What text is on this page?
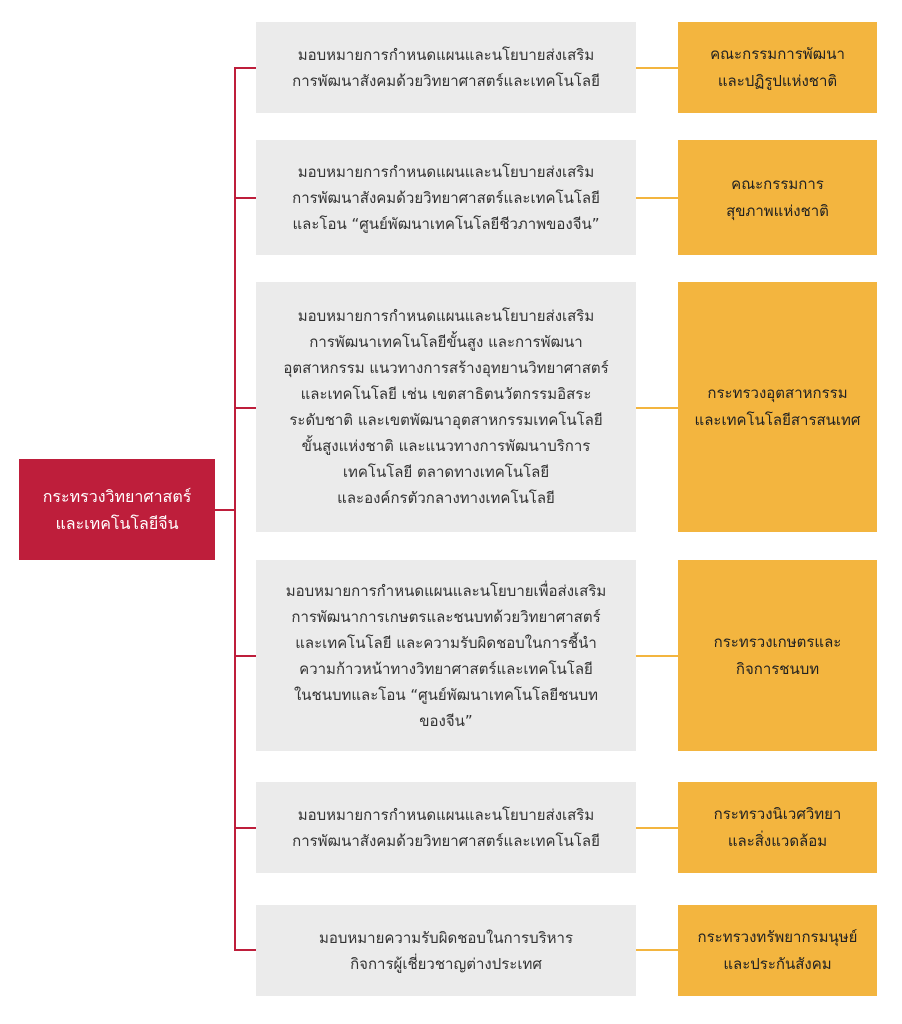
กระทรวงวิทยาศาสตร์
และเทคโนโลยีจีน
มอบหมายการกำหนดแผนและนโยบายส่งเสริม
การพัฒนาสังคมด้วยวิทยาศาสตร์และเทคโนโลยี
คณะกรรมการพัฒนา
และปฏิรูปแห่งชาติ
มอบหมายการกำหนดแผนและนโยบายส่งเสริม
การพัฒนาสังคมด้วยวิทยาศาสตร์และเทคโนโลยี
และโอน “ศูนย์พัฒนาเทคโนโลยีชีวภาพของจีน”
คณะกรรมการ
สุขภาพแห่งชาติ
มอบหมายการกำหนดแผนและนโยบายส่งเสริม
การพัฒนาเทคโนโลยีขั้นสูง และการพัฒนา
อุตสาหกรรม แนวทางการสร้างอุทยานวิทยาศาสตร์
และเทคโนโลยี เช่น เขตสาธิตนวัตกรรมอิสระ
ระดับชาติ และเขตพัฒนาอุตสาหกรรมเทคโนโลยี
ขั้นสูงแห่งชาติ และแนวทางการพัฒนาบริการ
เทคโนโลยี ตลาดทางเทคโนโลยี
และองค์กรตัวกลางทางเทคโนโลยี
กระทรวงอุตสาหกรรม
และเทคโนโลยีสารสนเทศ
มอบหมายการกำหนดแผนและนโยบายเพื่อส่งเสริม
การพัฒนาการเกษตรและชนบทด้วยวิทยาศาสตร์
และเทคโนโลยี และความรับผิดชอบในการชี้นำ
ความก้าวหน้าทางวิทยาศาสตร์และเทคโนโลยี
ในชนบทและโอน “ศูนย์พัฒนาเทคโนโลยีชนบท
ของจีน”
กระทรวงเกษตรและ
กิจการชนบท
มอบหมายการกำหนดแผนและนโยบายส่งเสริม
การพัฒนาสังคมด้วยวิทยาศาสตร์และเทคโนโลยี
กระทรวงนิเวศวิทยา
และสิ่งแวดล้อม
มอบหมายความรับผิดชอบในการบริหาร
กิจการผู้เชี่ยวชาญต่างประเทศ
กระทรวงทรัพยากรมนุษย์
และประกันสังคม
